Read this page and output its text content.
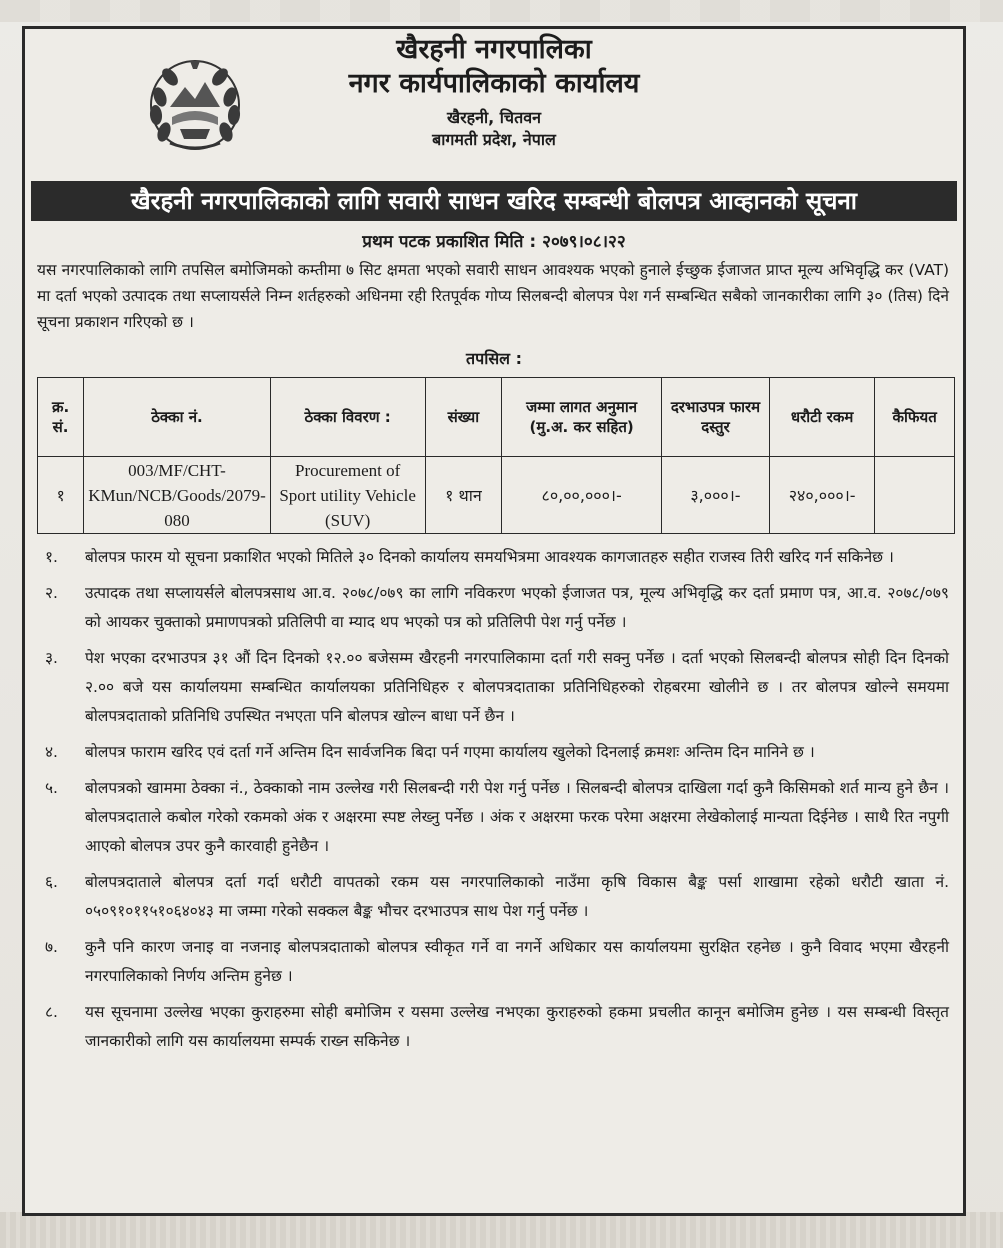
खैरहनी नगरपालिका
नगर कार्यपालिकाको कार्यालय
खैरहनी, चितवन
बागमती प्रदेश, नेपाल
खैरहनी नगरपालिकाको लागि सवारी साधन खरिद सम्बन्धी बोलपत्र आव्हानको सूचना
प्रथम पटक प्रकाशित मिति : २०७९।०८।२२
यस नगरपालिकाको लागि तपसिल बमोजिमको कम्तीमा ७ सिट क्षमता भएको सवारी साधन आवश्यक भएको हुनाले ईच्छुक ईजाजत प्राप्त मूल्य अभिवृद्धि कर (VAT) मा दर्ता भएको उत्पादक तथा सप्लायर्सले निम्न शर्तहरुको अधिनमा रही रितपूर्वक गोप्य सिलबन्दी बोलपत्र पेश गर्न सम्बन्धित सबैको जानकारीका लागि ३० (तिस) दिने सूचना प्रकाशन गरिएको छ ।
तपसिल :
क्र. सं.	ठेक्का नं.	ठेक्का विवरण :	संख्या	जम्मा लागत अनुमान (मु.अ. कर सहित)	दरभाउपत्र फारम दस्तुर	धरौटी रकम	कैफियत
१	003/MF/CHT-KMun/NCB/Goods/2079-080	Procurement of Sport utility Vehicle (SUV)	१ थान	८०,००,०००।-	३,०००।-	२४०,०००।-	
१. बोलपत्र फारम यो सूचना प्रकाशित भएको मितिले ३० दिनको कार्यालय समयभित्रमा आवश्यक कागजातहरु सहीत राजस्व तिरी खरिद गर्न सकिनेछ ।
२. उत्पादक तथा सप्लायर्सले बोलपत्रसाथ आ.व. २०७८/०७९ का लागि नविकरण भएको ईजाजत पत्र, मूल्य अभिवृद्धि कर दर्ता प्रमाण पत्र, आ.व. २०७८/०७९ को आयकर चुक्ताको प्रमाणपत्रको प्रतिलिपी वा म्याद थप भएको पत्र को प्रतिलिपी पेश गर्नु पर्नेछ ।
३. पेश भएका दरभाउपत्र ३१ औं दिन दिनको १२.०० बजेसम्म खैरहनी नगरपालिकामा दर्ता गरी सक्नु पर्नेछ । दर्ता भएको सिलबन्दी बोलपत्र सोही दिन दिनको २.०० बजे यस कार्यालयमा सम्बन्धित कार्यालयका प्रतिनिधिहरु र बोलपत्रदाताका प्रतिनिधिहरुको रोहबरमा खोलीने छ । तर बोलपत्र खोल्ने समयमा बोलपत्रदाताको प्रतिनिधि उपस्थित नभएता पनि बोलपत्र खोल्न बाधा पर्ने छैन ।
४. बोलपत्र फाराम खरिद एवं दर्ता गर्ने अन्तिम दिन सार्वजनिक बिदा पर्न गएमा कार्यालय खुलेको दिनलाई क्रमशः अन्तिम दिन मानिने छ ।
५. बोलपत्रको खाममा ठेक्का नं., ठेक्काको नाम उल्लेख गरी सिलबन्दी गरी पेश गर्नु पर्नेछ । सिलबन्दी बोलपत्र दाखिला गर्दा कुनै किसिमको शर्त मान्य हुने छैन । बोलपत्रदाताले कबोल गरेको रकमको अंक र अक्षरमा स्पष्ट लेख्नु पर्नेछ । अंक र अक्षरमा फरक परेमा अक्षरमा लेखेकोलाई मान्यता दिईनेछ । साथै रित नपुगी आएको बोलपत्र उपर कुनै कारवाही हुनेछैन ।
६. बोलपत्रदाताले बोलपत्र दर्ता गर्दा धरौटी वापतको रकम यस नगरपालिकाको नाउँमा कृषि विकास बैङ्क पर्सा शाखामा रहेको धरौटी खाता नं. ०५०९१०११५१०६४०४३ मा जम्मा गरेको सक्कल बैङ्क भौचर दरभाउपत्र साथ पेश गर्नु पर्नेछ ।
७. कुनै पनि कारण जनाइ वा नजनाइ बोलपत्रदाताको बोलपत्र स्वीकृत गर्ने वा नगर्ने अधिकार यस कार्यालयमा सुरक्षित रहनेछ । कुनै विवाद भएमा खैरहनी नगरपालिकाको निर्णय अन्तिम हुनेछ ।
८. यस सूचनामा उल्लेख भएका कुराहरुमा सोही बमोजिम र यसमा उल्लेख नभएका कुराहरुको हकमा प्रचलीत कानून बमोजिम हुनेछ । यस सम्बन्धी विस्तृत जानकारीको लागि यस कार्यालयमा सम्पर्क राख्न सकिनेछ ।
